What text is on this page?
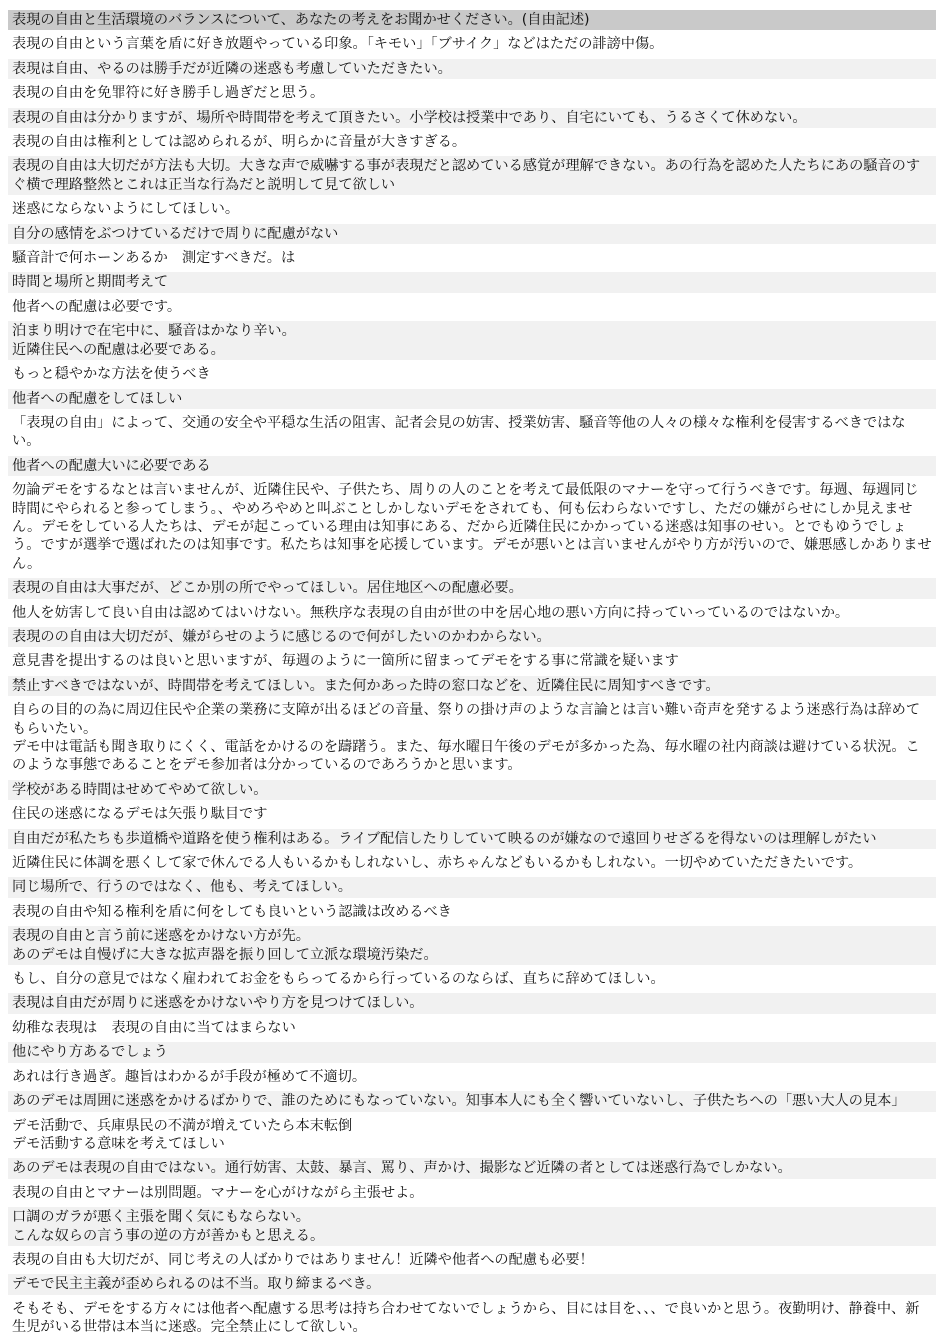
表現の自由と生活環境のバランスについて、あなたの考えをお聞かせください。(自由記述)
表現の自由という言葉を盾に好き放題やっている印象。「キモい」「ブサイク」などはただの誹謗中傷。
表現は自由、やるのは勝手だが近隣の迷惑も考慮していただきたい。
表現の自由を免罪符に好き勝手し過ぎだと思う。
表現の自由は分かりますが、場所や時間帯を考えて頂きたい。小学校は授業中であり、自宅にいても、うるさくて休めない。
表現の自由は権利としては認められるが、明らかに音量が大きすぎる。
表現の自由は大切だが方法も大切。大きな声で威嚇する事が表現だと認めている感覚が理解できない。あの行為を認めた人たちにあの騒音のすぐ横で理路整然とこれは正当な行為だと説明して見て欲しい
迷惑にならないようにしてほしい。
自分の感情をぶつけているだけで周りに配慮がない
騒音計で何ホーンあるか　測定すべきだ。は
時間と場所と期間考えて
他者への配慮は必要です。
泊まり明けで在宅中に、騒音はかなり辛い。
近隣住民への配慮は必要である。
もっと穏やかな方法を使うべき
他者への配慮をしてほしい
「表現の自由」によって、交通の安全や平穏な生活の阻害、記者会見の妨害、授業妨害、騒音等他の人々の様々な権利を侵害するべきではない。
他者への配慮大いに必要である
勿論デモをするなとは言いませんが、近隣住民や、子供たち、周りの人のことを考えて最低限のマナーを守って行うべきです。毎週、毎週同じ時間にやられると参ってしまう。、やめろやめと叫ぶことしかしないデモをされても、何も伝わらないですし、ただの嫌がらせにしか見えません。デモをしている人たちは、デモが起こっている理由は知事にある、だから近隣住民にかかっている迷惑は知事のせい。とでもゆうでしょう。ですが選挙で選ばれたのは知事です。私たちは知事を応援しています。デモが悪いとは言いませんがやり方が汚いので、嫌悪感しかありません。
表現の自由は大事だが、どこか別の所でやってほしい。居住地区への配慮必要。
他人を妨害して良い自由は認めてはいけない。無秩序な表現の自由が世の中を居心地の悪い方向に持っていっているのではないか。
表現のの自由は大切だが、嫌がらせのように感じるので何がしたいのかわからない。
意見書を提出するのは良いと思いますが、毎週のように一箇所に留まってデモをする事に常識を疑います
禁止すべきではないが、時間帯を考えてほしい。また何かあった時の窓口などを、近隣住民に周知すべきです。
自らの目的の為に周辺住民や企業の業務に支障が出るほどの音量、祭りの掛け声のような言論とは言い難い奇声を発するよう迷惑行為は辞めてもらいたい。
デモ中は電話も聞き取りにくく、電話をかけるのを躊躇う。また、毎水曜日午後のデモが多かった為、毎水曜の社内商談は避けている状況。このような事態であることをデモ参加者は分かっているのであろうかと思います。
学校がある時間はせめてやめて欲しい。
住民の迷惑になるデモは矢張り駄目です
自由だが私たちも歩道橋や道路を使う権利はある。ライブ配信したりしていて映るのが嫌なので遠回りせざるを得ないのは理解しがたい
近隣住民に体調を悪くして家で休んでる人もいるかもしれないし、赤ちゃんなどもいるかもしれない。一切やめていただきたいです。
同じ場所で、行うのではなく、他も、考えてほしい。
表現の自由や知る権利を盾に何をしても良いという認識は改めるべき
表現の自由と言う前に迷惑をかけない方が先。
あのデモは自慢げに大きな拡声器を振り回して立派な環境汚染だ。
もし、自分の意見ではなく雇われてお金をもらってるから行っているのならば、直ちに辞めてほしい。
表現は自由だが周りに迷惑をかけないやり方を見つけてほしい。
幼稚な表現は　表現の自由に当てはまらない
他にやり方あるでしょう
あれは行き過ぎ。趣旨はわかるが手段が極めて不適切。
あのデモは周囲に迷惑をかけるばかりで、誰のためにもなっていない。知事本人にも全く響いていないし、子供たちへの「悪い大人の見本」
デモ活動で、兵庫県民の不満が増えていたら本末転倒
デモ活動する意味を考えてほしい
あのデモは表現の自由ではない。通行妨害、太鼓、暴言、罵り、声かけ、撮影など近隣の者としては迷惑行為でしかない。
表現の自由とマナーは別問題。マナーを心がけながら主張せよ。
口調のガラが悪く主張を聞く気にもならない。
こんな奴らの言う事の逆の方が善かもと思える。
表現の自由も大切だが、同じ考えの人ばかりではありません！近隣や他者への配慮も必要！
デモで民主主義が歪められるのは不当。取り締まるべき。
そもそも、デモをする方々には他者へ配慮する思考は持ち合わせてないでしょうから、目には目を、、、で良いかと思う。夜勤明け、静養中、新生児がいる世帯は本当に迷惑。完全禁止にして欲しい。
